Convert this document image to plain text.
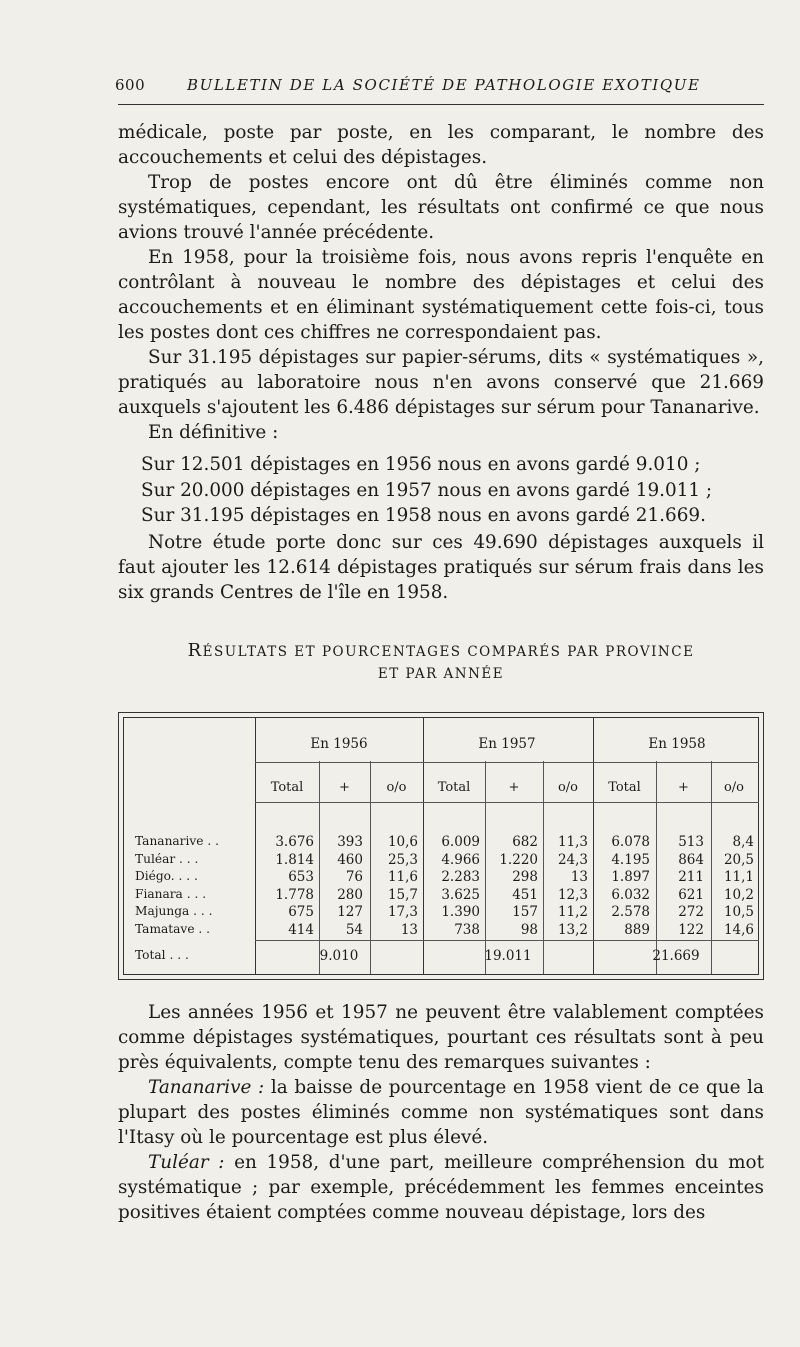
600	BULLETIN DE LA SOCIÉTÉ DE PATHOLOGIE EXOTIQUE

médicale, poste par poste, en les comparant, le nombre des accouchements et celui des dépistages.

Trop de postes encore ont dû être éliminés comme non systématiques, cependant, les résultats ont confirmé ce que nous avions trouvé l'année précédente.

En 1958, pour la troisième fois, nous avons repris l'enquête en contrôlant à nouveau le nombre des dépistages et celui des accouchements et en éliminant systématiquement cette fois-ci, tous les postes dont ces chiffres ne correspondaient pas.

Sur 31.195 dépistages sur papier-sérums, dits « systématiques », pratiqués au laboratoire nous n'en avons conservé que 21.669 auxquels s'ajoutent les 6.486 dépistages sur sérum pour Tananarive.

En définitive :

Sur 12.501 dépistages en 1956 nous en avons gardé 9.010 ;
Sur 20.000 dépistages en 1957 nous en avons gardé 19.011 ;
Sur 31.195 dépistages en 1958 nous en avons gardé 21.669.

Notre étude porte donc sur ces 49.690 dépistages auxquels il faut ajouter les 12.614 dépistages pratiqués sur sérum frais dans les six grands Centres de l'île en 1958.

RÉSULTATS ET POURCENTAGES COMPARÉS PAR PROVINCE
ET PAR ANNÉE
En 1956	En 1957	En 1958
Total	+	o/o	Total	+	o/o	Total	+	o/o
Tananarive . .	3.676	393	10,6	6.009	682	11,3	6.078	513	8,4
Tuléar . . .	1.814	460	25,3	4.966	1.220	24,3	4.195	864	20,5
Diégo. . . .	653	76	11,6	2.283	298	13	1.897	211	11,1
Fianara . . .	1.778	280	15,7	3.625	451	12,3	6.032	621	10,2
Majunga . . .	675	127	17,3	1.390	157	11,2	2.578	272	10,5
Tamatave . .	414	54	13	738	98	13,2	889	122	14,6
Total . . .	9.010	19.011	21.669

Les années 1956 et 1957 ne peuvent être valablement comptées comme dépistages systématiques, pourtant ces résultats sont à peu près équivalents, compte tenu des remarques suivantes :

Tananarive : la baisse de pourcentage en 1958 vient de ce que la plupart des postes éliminés comme non systématiques sont dans l'Itasy où le pourcentage est plus élevé.

Tuléar : en 1958, d'une part, meilleure compréhension du mot systématique ; par exemple, précédemment les femmes enceintes positives étaient comptées comme nouveau dépistage, lors des
